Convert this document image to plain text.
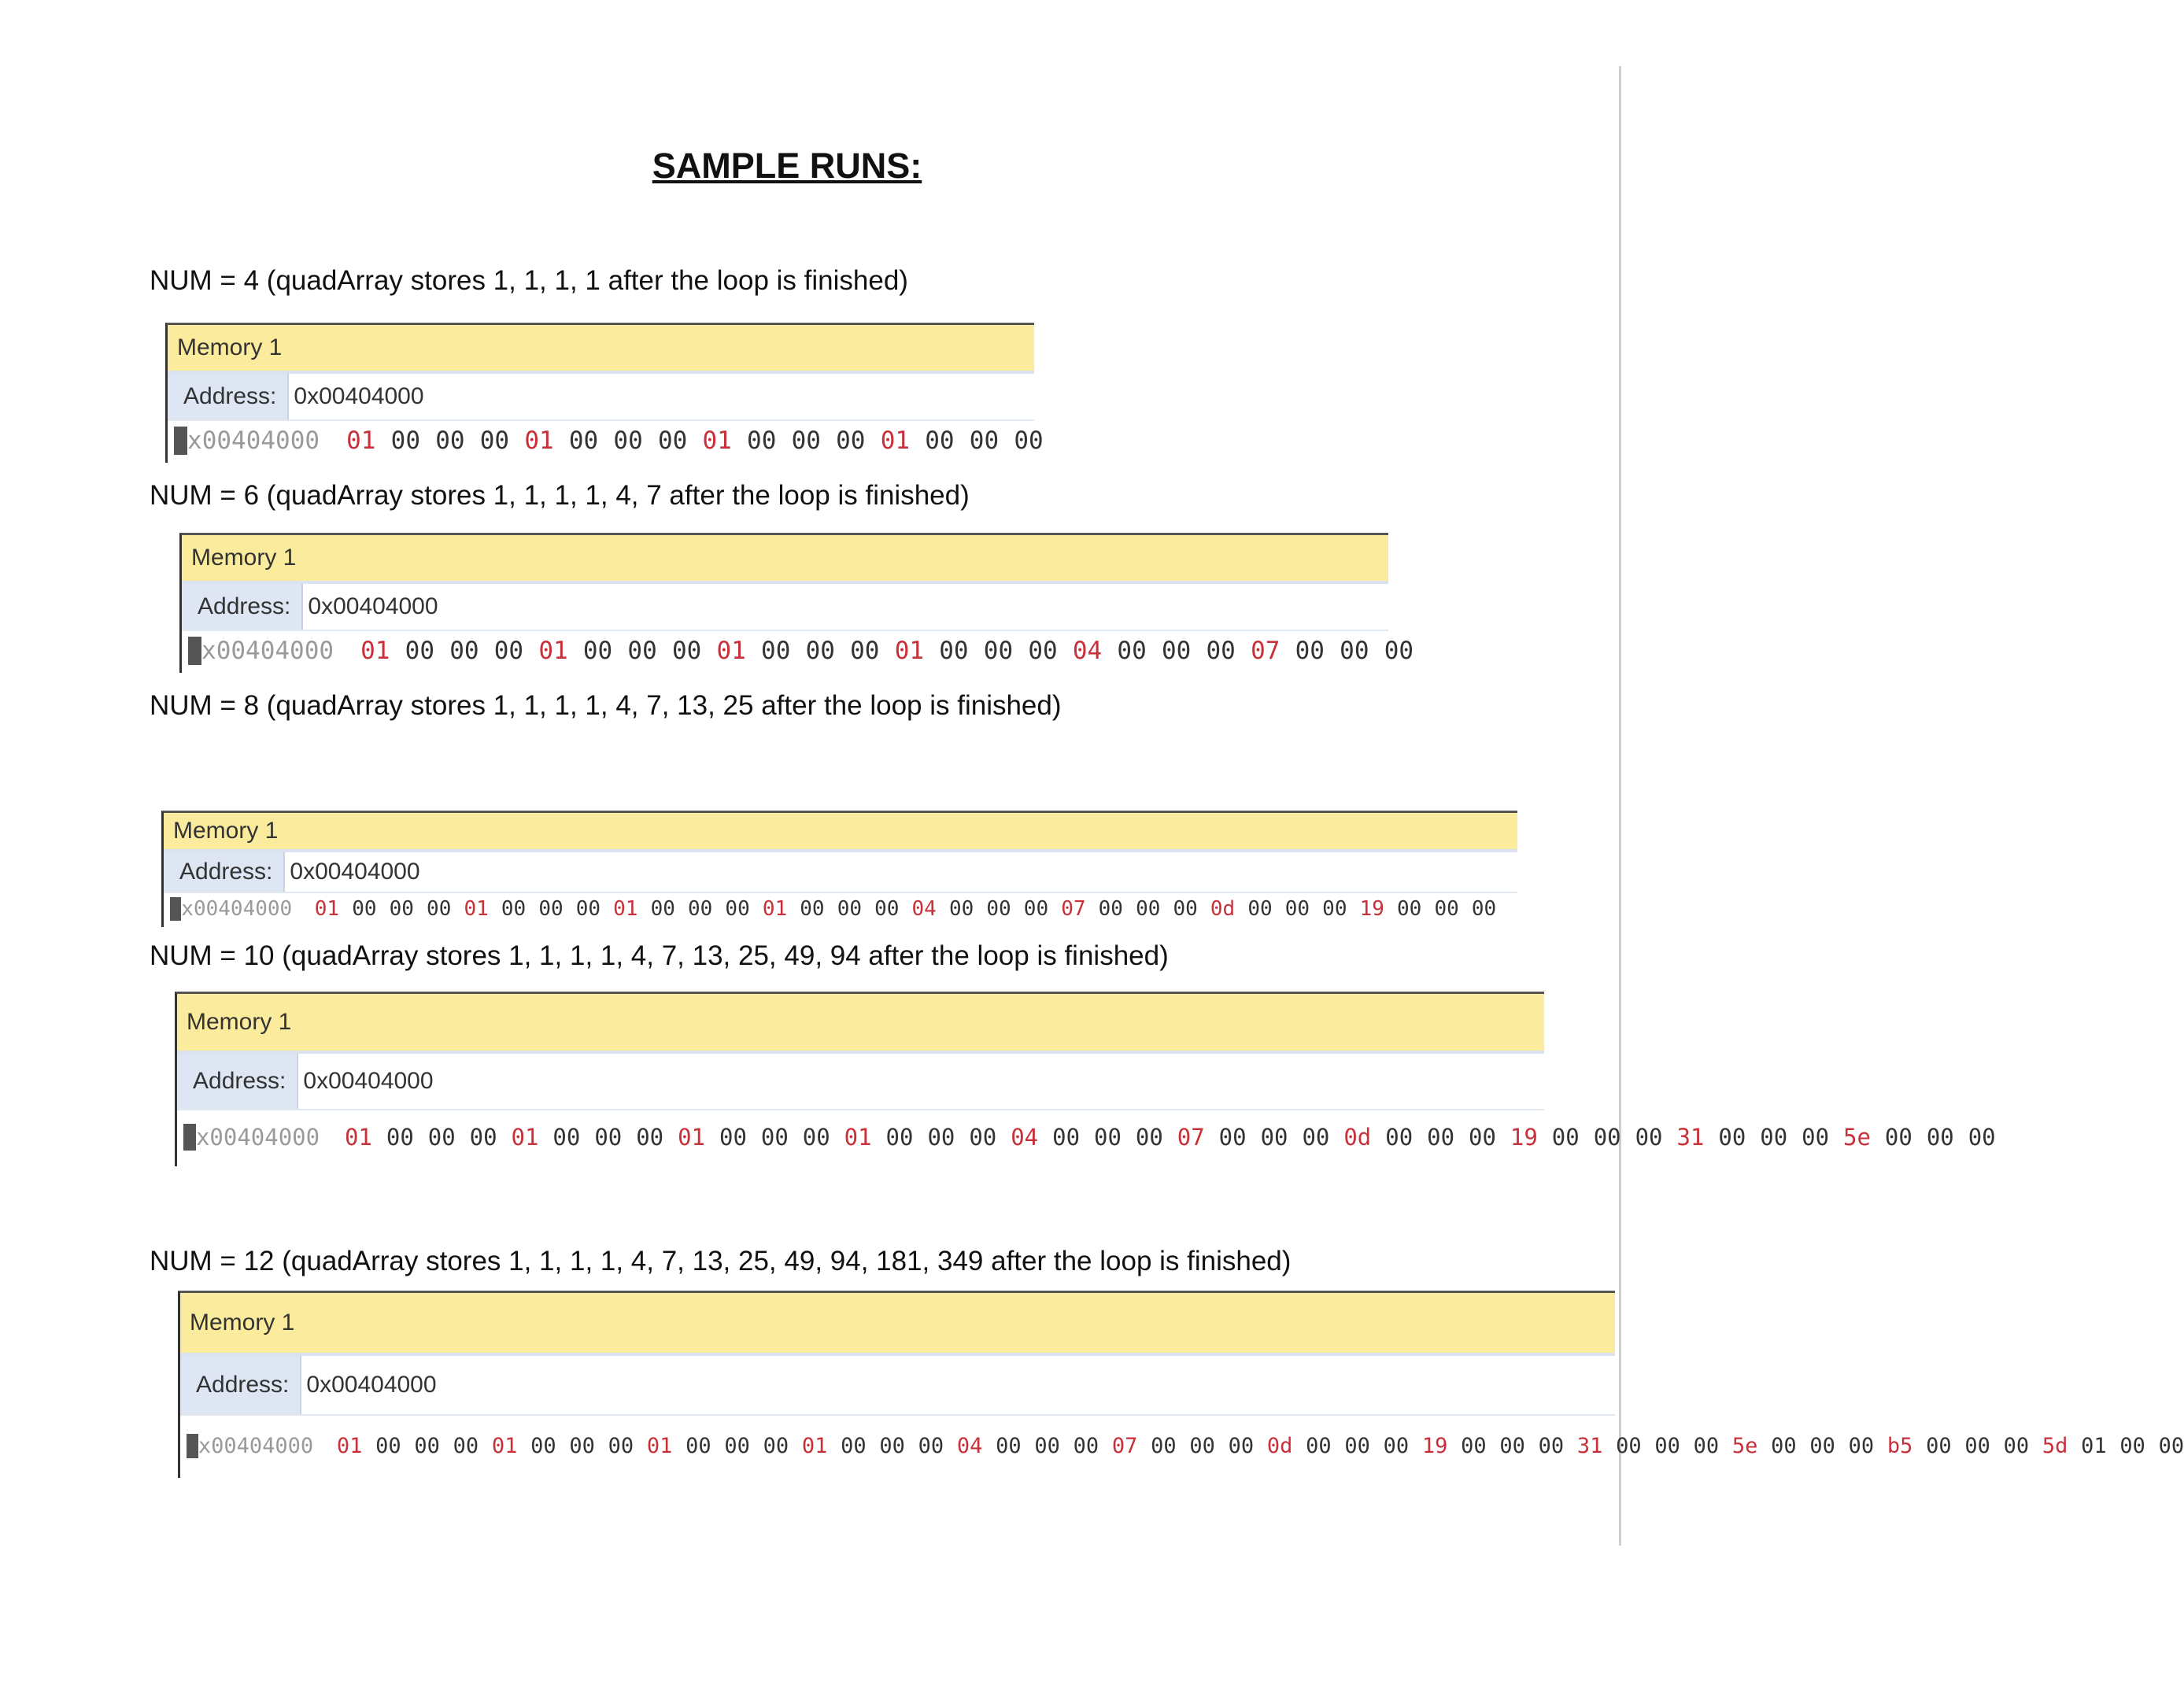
SAMPLE RUNS:
NUM = 4 (quadArray stores 1, 1, 1, 1 after the loop is finished)
Memory 1
Address: 0x00404000
0
x00404000 01 00 00 00 01 00 00 00 01 00 00 00 01 00 00 00
NUM = 6 (quadArray stores 1, 1, 1, 1, 4, 7 after the loop is finished)
Memory 1
Address: 0x00404000
0
x00404000 01 00 00 00 01 00 00 00 01 00 00 00 01 00 00 00 04 00 00 00 07 00 00 00
NUM = 8 (quadArray stores 1, 1, 1, 1, 4, 7, 13, 25 after the loop is finished)
Memory 1
Address: 0x00404000
0
x00404000 01 00 00 00 01 00 00 00 01 00 00 00 01 00 00 00 04 00 00 00 07 00 00 00 0d 00 00 00 19 00 00 00
NUM = 10 (quadArray stores 1, 1, 1, 1, 4, 7, 13, 25, 49, 94 after the loop is finished)
Memory 1
Address: 0x00404000
0
x00404000 01 00 00 00 01 00 00 00 01 00 00 00 01 00 00 00 04 00 00 00 07 00 00 00 0d 00 00 00 19 00 00 00 31 00 00 00 5e 00 00 00
NUM = 12 (quadArray stores 1, 1, 1, 1, 4, 7, 13, 25, 49, 94, 181, 349 after the loop is finished)
Memory 1
Address: 0x00404000
0
x00404000 01 00 00 00 01 00 00 00 01 00 00 00 01 00 00 00 04 00 00 00 07 00 00 00 0d 00 00 00 19 00 00 00 31 00 00 00 5e 00 00 00 b5 00 00 00 5d 01 00 00
